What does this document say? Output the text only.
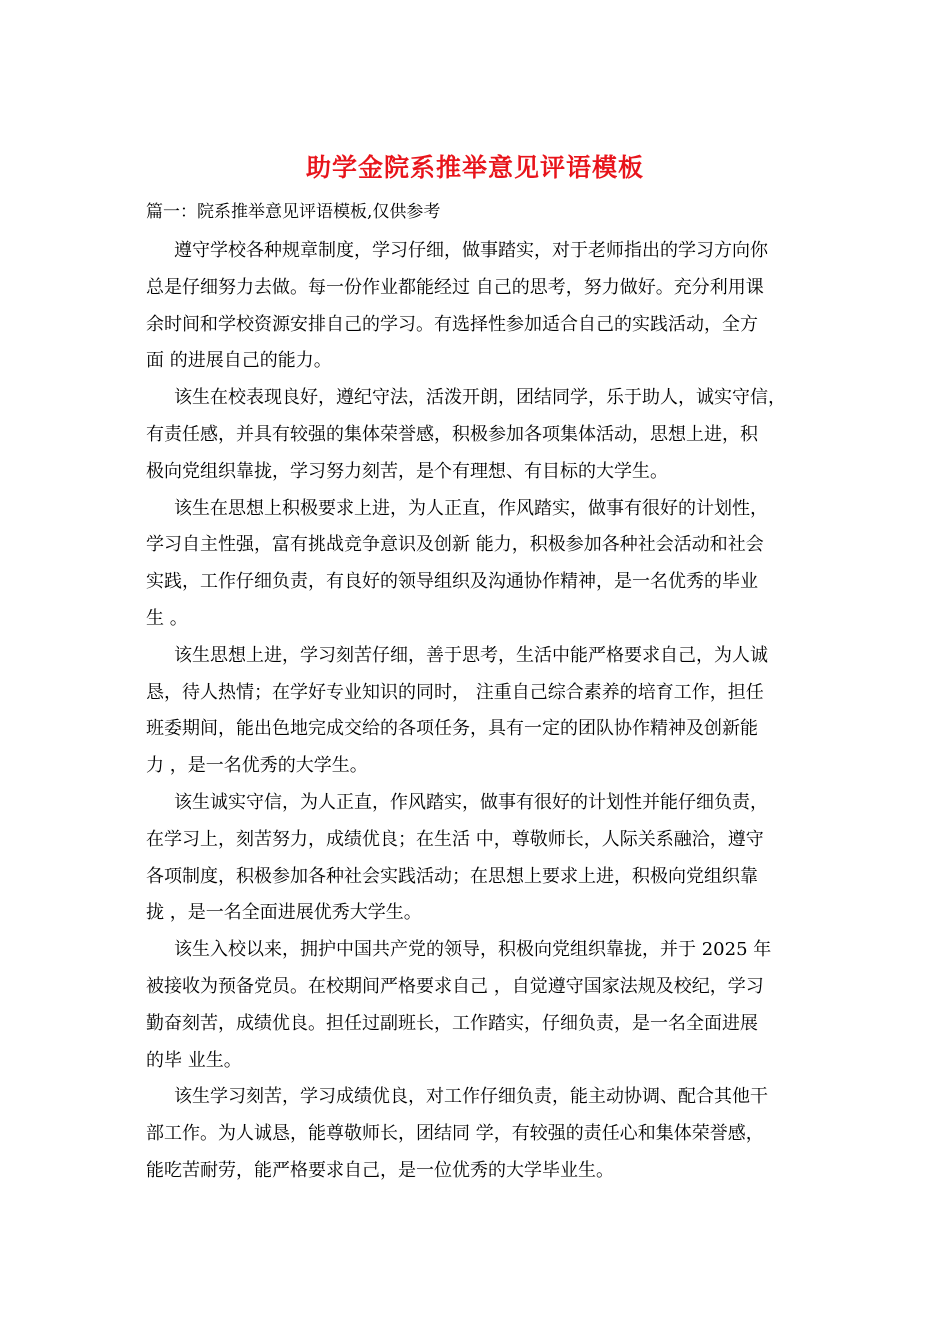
助学金院系推举意见评语模板
篇一：院系推举意见评语模板,仅供参考
遵守学校各种规章制度，学习仔细，做事踏实，对于老师指出的学习方向你
总是仔细努力去做。每一份作业都能经过 自己的思考，努力做好。充分利用课
余时间和学校资源安排自己的学习。有选择性参加适合自己的实践活动，全方
面 的进展自己的能力。
该生在校表现良好，遵纪守法，活泼开朗，团结同学，乐于助人，诚实守信，
有责任感，并具有较强的集体荣誉感，积极参加各项集体活动，思想上进，积
极向党组织靠拢，学习努力刻苦，是个有理想、有目标的大学生。
该生在思想上积极要求上进，为人正直，作风踏实，做事有很好的计划性，
学习自主性强，富有挑战竞争意识及创新 能力，积极参加各种社会活动和社会
实践，工作仔细负责，有良好的领导组织及沟通协作精神，是一名优秀的毕业
生 。
该生思想上进，学习刻苦仔细，善于思考，生活中能严格要求自己，为人诚
恳，待人热情；在学好专业知识的同时， 注重自己综合素养的培育工作，担任
班委期间，能出色地完成交给的各项任务，具有一定的团队协作精神及创新能
力 ，是一名优秀的大学生。
该生诚实守信，为人正直，作风踏实，做事有很好的计划性并能仔细负责，
在学习上，刻苦努力，成绩优良；在生活 中，尊敬师长，人际关系融洽，遵守
各项制度，积极参加各种社会实践活动；在思想上要求上进，积极向党组织靠
拢 ，是一名全面进展优秀大学生。
该生入校以来，拥护中国共产党的领导，积极向党组织靠拢，并于 2025 年
被接收为预备党员。在校期间严格要求自己 ，自觉遵守国家法规及校纪，学习
勤奋刻苦，成绩优良。担任过副班长，工作踏实，仔细负责，是一名全面进展
的毕 业生。
该生学习刻苦，学习成绩优良，对工作仔细负责，能主动协调、配合其他干
部工作。为人诚恳，能尊敬师长，团结同 学，有较强的责任心和集体荣誉感，
能吃苦耐劳，能严格要求自己，是一位优秀的大学毕业生。
